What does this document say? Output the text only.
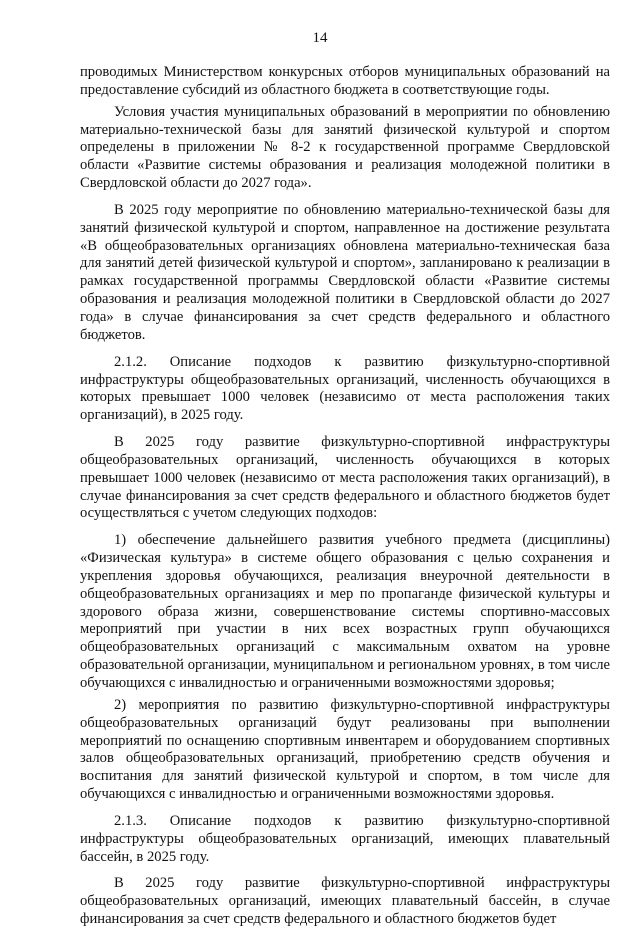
14

проводимых Министерством конкурсных отборов муниципальных образований на предоставление субсидий из областного бюджета в соответствующие годы.

Условия участия муниципальных образований в мероприятии по обновлению материально-технической базы для занятий физической культурой и спортом определены в приложении № 8-2 к государственной программе Свердловской области «Развитие системы образования и реализация молодежной политики в Свердловской области до 2027 года».

В 2025 году мероприятие по обновлению материально-технической базы для занятий физической культурой и спортом, направленное на достижение результата «В общеобразовательных организациях обновлена материально-техническая база для занятий детей физической культурой и спортом», запланировано к реализации в рамках государственной программы Свердловской области «Развитие системы образования и реализация молодежной политики в Свердловской области до 2027 года» в случае финансирования за счет средств федерального и областного бюджетов.

2.1.2. Описание подходов к развитию физкультурно-спортивной инфраструктуры общеобразовательных организаций, численность обучающихся в которых превышает 1000 человек (независимо от места расположения таких организаций), в 2025 году.

В 2025 году развитие физкультурно-спортивной инфраструктуры общеобразовательных организаций, численность обучающихся в которых превышает 1000 человек (независимо от места расположения таких организаций), в случае финансирования за счет средств федерального и областного бюджетов будет осуществляться с учетом следующих подходов:

1) обеспечение дальнейшего развития учебного предмета (дисциплины) «Физическая культура» в системе общего образования с целью сохранения и укрепления здоровья обучающихся, реализация внеурочной деятельности в общеобразовательных организациях и мер по пропаганде физической культуры и здорового образа жизни, совершенствование системы спортивно-массовых мероприятий при участии в них всех возрастных групп обучающихся общеобразовательных организаций с максимальным охватом на уровне образовательной организации, муниципальном и региональном уровнях, в том числе обучающихся с инвалидностью и ограниченными возможностями здоровья;

2) мероприятия по развитию физкультурно-спортивной инфраструктуры общеобразовательных организаций будут реализованы при выполнении мероприятий по оснащению спортивным инвентарем и оборудованием спортивных залов общеобразовательных организаций, приобретению средств обучения и воспитания для занятий физической культурой и спортом, в том числе для обучающихся с инвалидностью и ограниченными возможностями здоровья.

2.1.3. Описание подходов к развитию физкультурно-спортивной инфраструктуры общеобразовательных организаций, имеющих плавательный бассейн, в 2025 году.

В 2025 году развитие физкультурно-спортивной инфраструктуры общеобразовательных организаций, имеющих плавательный бассейн, в случае финансирования за счет средств федерального и областного бюджетов будет
